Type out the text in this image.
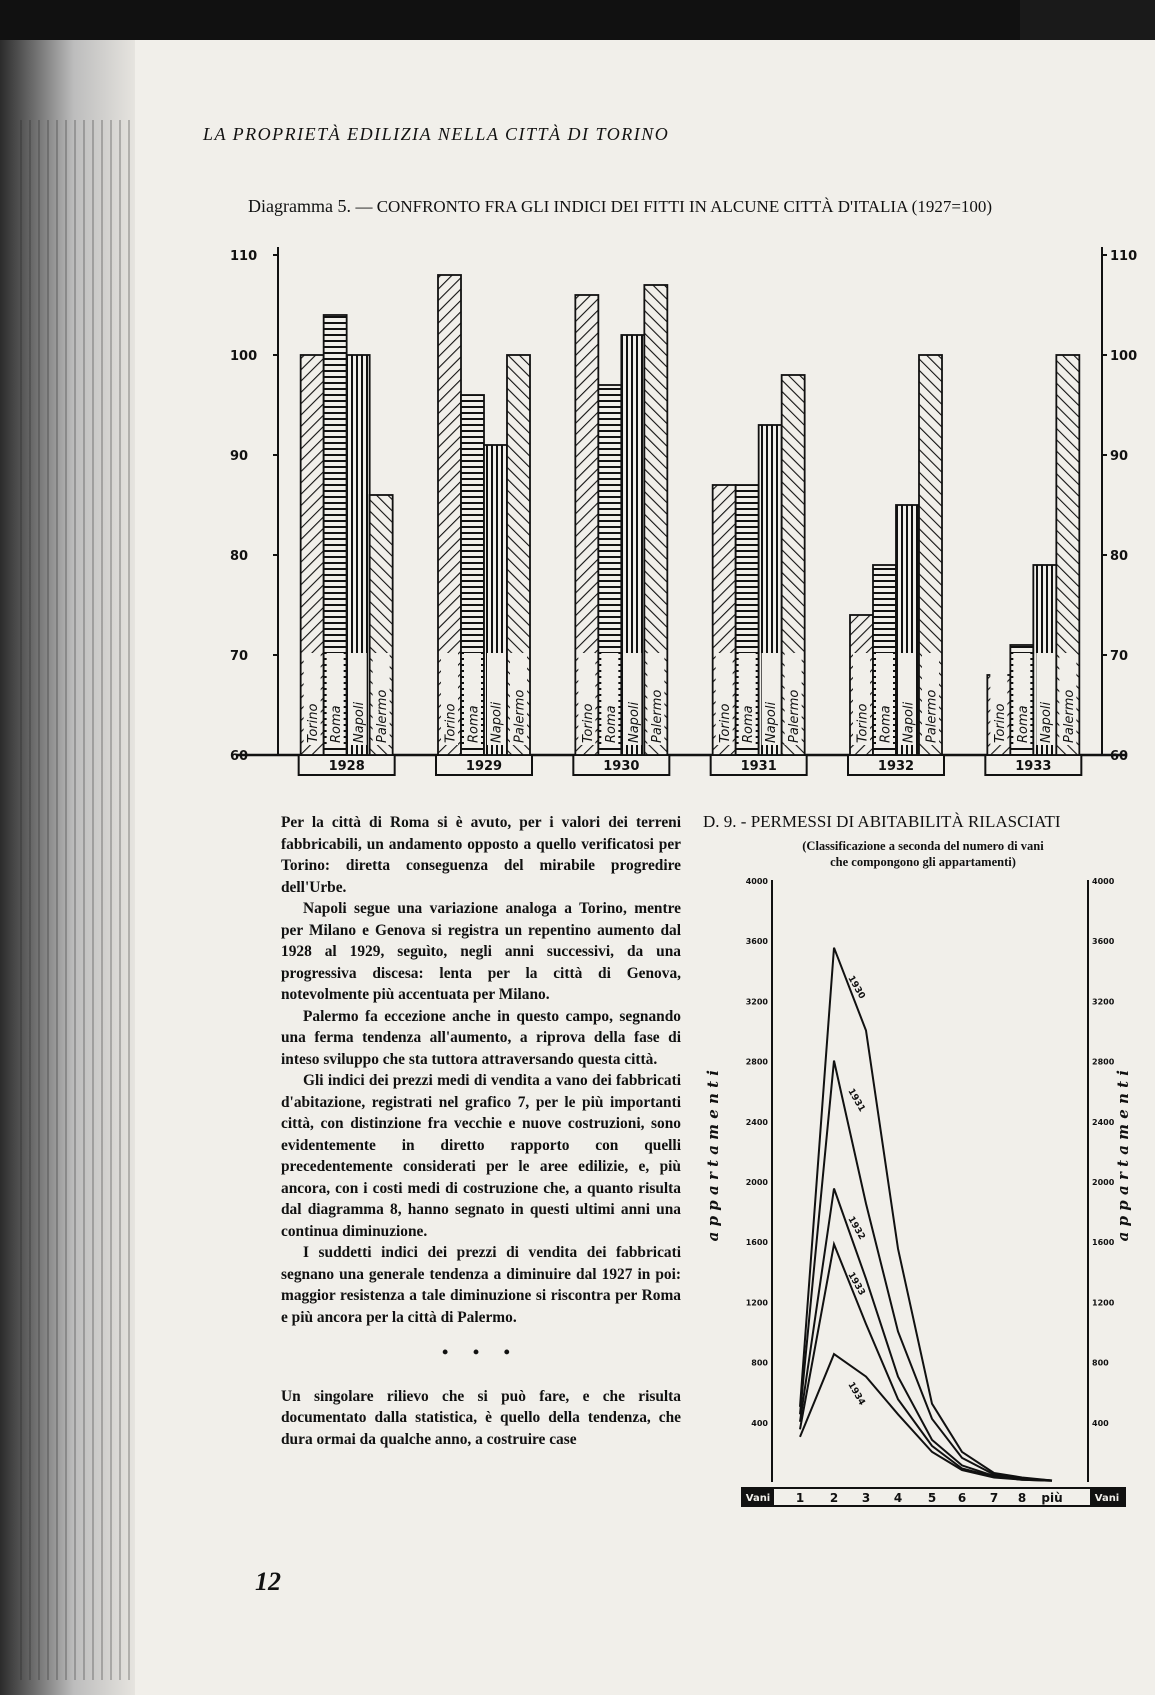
LA PROPRIETÀ EDILIZIA NELLA CITTÀ DI TORINO
Diagramma 5. — CONFRONTO FRA GLI INDICI DEI FITTI IN ALCUNE CITTÀ D'ITALIA (1927=100)
60	60
70	70
80	80
90	90
100	100
110	110
Torino Roma Napoli Palermo
1928
Torino Roma Napoli Palermo
1929
Torino Roma Napoli Palermo
1930
Torino Roma Napoli Palermo
1931
Torino Roma Napoli Palermo
1932
Torino Roma Napoli Palermo
1933

Per la città di Roma si è avuto, per i valori dei terreni fabbricabili, un andamento opposto a quello verificatosi per Torino: diretta conseguenza del mirabile progredire dell'Urbe.

Napoli segue una variazione analoga a Torino, mentre per Milano e Genova si registra un repentino aumento dal 1928 al 1929, seguìto, negli anni successivi, da una progressiva discesa: lenta per la città di Genova, notevolmente più accentuata per Milano.

Palermo fa eccezione anche in questo campo, segnando una ferma tendenza all'aumento, a riprova della fase di inteso sviluppo che sta tuttora attraversando questa città.

Gli indici dei prezzi medi di vendita a vano dei fabbricati d'abitazione, registrati nel grafico 7, per le più importanti città, con distinzione fra vecchie e nuove costruzioni, sono evidentemente in diretto rapporto con quelli precedentemente considerati per le aree edilizie, e, più ancora, con i costi medi di costruzione che, a quanto risulta dal diagramma 8, hanno segnato in questi ultimi anni una continua diminuzione.

I suddetti indici dei prezzi di vendita dei fabbricati segnano una generale tendenza a diminuire dal 1927 in poi: maggior resistenza a tale diminuzione si riscontra per Roma e più ancora per la città di Palermo.

• • •

Un singolare rilievo che si può fare, e che risulta documentato dalla statistica, è quello della tendenza, che dura ormai da qualche anno, a costruire case

D. 9. - PERMESSI DI ABITABILITÀ RILASCIATI
(Classificazione a seconda del numero di vani
che compongono gli appartamenti)
400	400
800	800
1200	1200
1600	1600
2000	2000
2400	2400
2800	2800
3200	3200
3600	3600
4000	4000
a p p a r t a m e n t i	a p p a r t a m e n t i
Vani	Vani
1 2 3 4 5 6 7 8 più
1930
1931
1932
1933
1934
12
